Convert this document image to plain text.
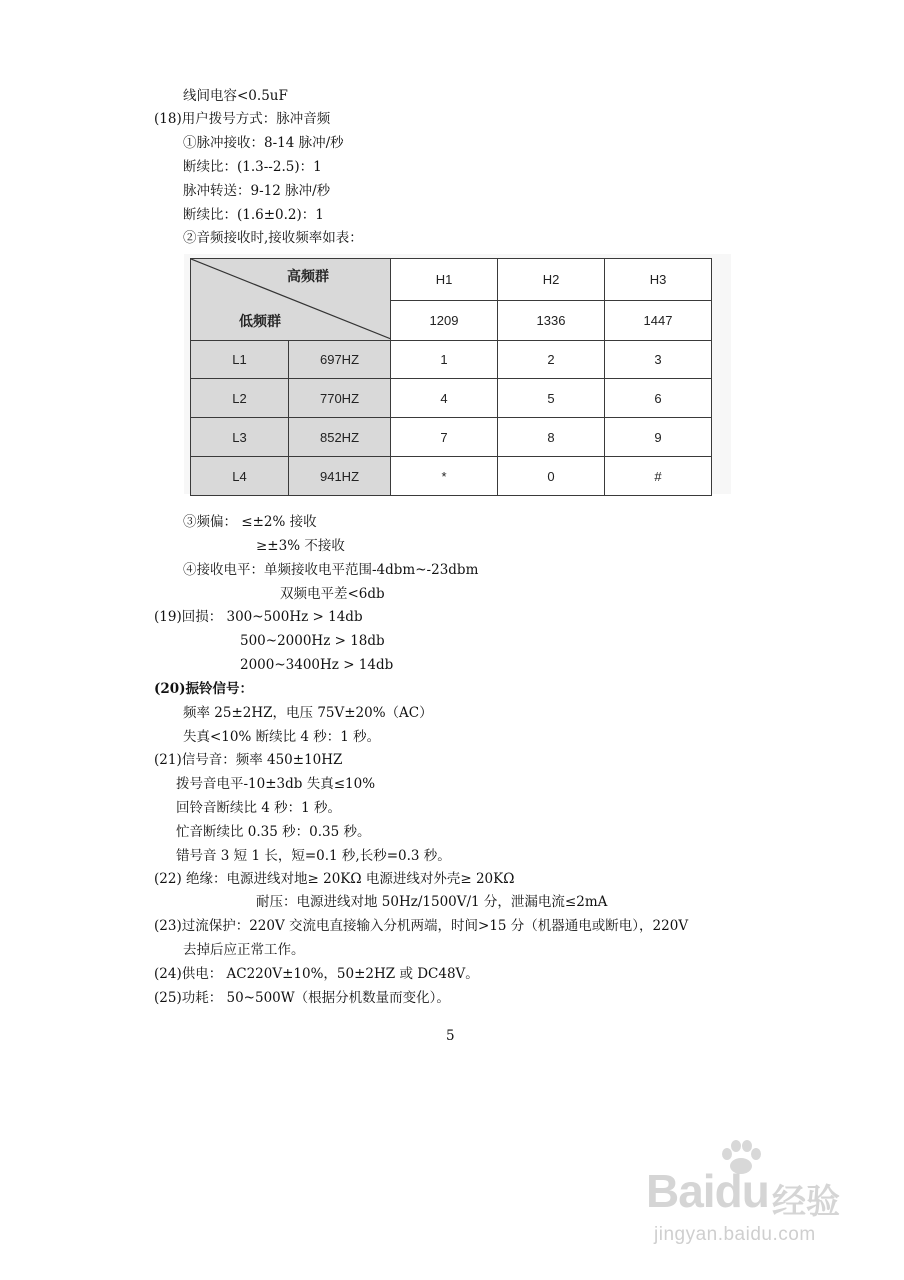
线间电容<0.5uF
(18)用户拨号方式：脉冲音频
①脉冲接收：8-14 脉冲/秒
断续比：(1.3--2.5)：1
脉冲转送：9-12 脉冲/秒
断续比：(1.6±0.2)：1
②音频接收时,接收频率如表：
高频群
低频群		H1	H2	H3
		1209	1336	1447
L1	697HZ	1	2	3
L2	770HZ	4	5	6
L3	852HZ	7	8	9
L4	941HZ	*	0	#
③频偏： ≤±2% 接收
≥±3% 不接收
④接收电平：单频接收电平范围-4dbm~-23dbm
双频电平差<6db
(19)回损： 300~500Hz > 14db
500~2000Hz > 18db
2000~3400Hz > 14db
(20)振铃信号：
频率 25±2HZ，电压 75V±20%（AC）
失真<10% 断续比 4 秒：1 秒。
(21)信号音：频率 450±10HZ
拨号音电平-10±3db 失真≤10%
回铃音断续比 4 秒：1 秒。
忙音断续比 0.35 秒：0.35 秒。
错号音 3 短 1 长，短=0.1 秒,长秒=0.3 秒。
(22) 绝缘：电源进线对地≥ 20KΩ 电源进线对外壳≥ 20KΩ
耐压：电源进线对地 50Hz/1500V/1 分，泄漏电流≤2mA
(23)过流保护：220V 交流电直接输入分机两端，时间>15 分（机器通电或断电），220V
去掉后应正常工作。
(24)供电： AC220V±10%，50±2HZ 或 DC48V。
(25)功耗： 50~500W（根据分机数量而变化）。
5
Baidu 经验
jingyan.baidu.com
